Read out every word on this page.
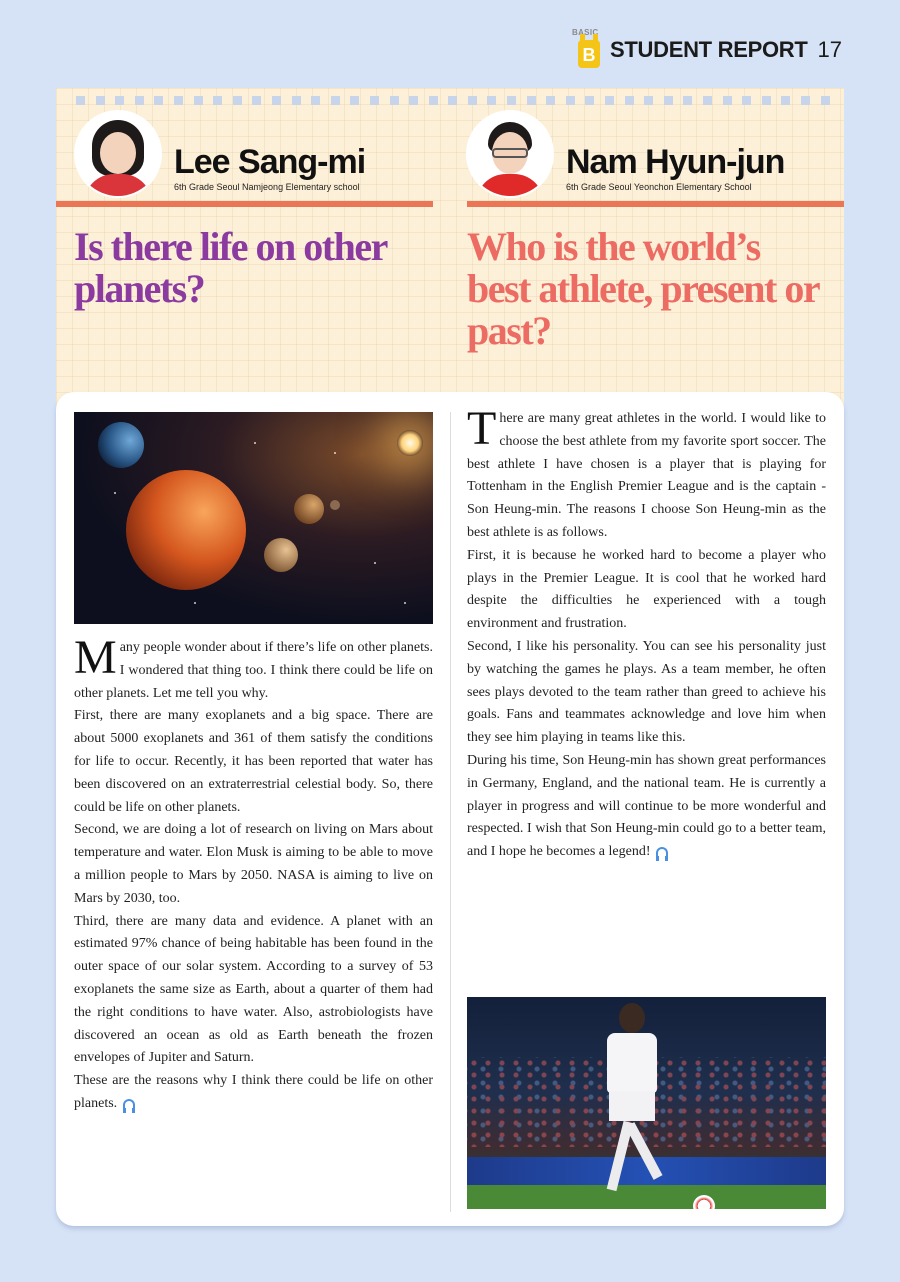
BASIC
B STUDENT REPORT 17
Lee Sang-mi
6th Grade Seoul Namjeong Elementary school
Nam Hyun-jun
6th Grade Seoul Yeonchon Elementary School
Is there life on other planets?
Who is the world’s best athlete, present or past?

Many people wonder about if there’s life on other planets. I wondered that thing too. I think there could be life on other planets. Let me tell you why.

First, there are many exoplanets and a big space. There are about 5000 exoplanets and 361 of them satisfy the conditions for life to occur. Recently, it has been reported that water has been discovered on an extraterrestrial celestial body. So, there could be life on other planets.

Second, we are doing a lot of research on living on Mars about temperature and water. Elon Musk is aiming to be able to move a million people to Mars by 2050. NASA is aiming to live on Mars by 2030, too.

Third, there are many data and evidence. A planet with an estimated 97% chance of being habitable has been found in the outer space of our solar system. According to a survey of 53 exoplanets the same size as Earth, about a quarter of them had the right conditions to have water. Also, astrobiologists have discovered an ocean as old as Earth beneath the frozen envelopes of Jupiter and Saturn.

These are the reasons why I think there could be life on other planets.

There are many great athletes in the world. I would like to choose the best athlete from my favorite sport soccer. The best athlete I have chosen is a player that is playing for Tottenham in the English Premier League and is the captain - Son Heung-min. The reasons I choose Son Heung-min as the best athlete is as follows.

First, it is because he worked hard to become a player who plays in the Premier League. It is cool that he worked hard despite the difficulties he experienced with a tough environment and frustration.

Second, I like his personality. You can see his personality just by watching the games he plays. As a team member, he often sees plays devoted to the team rather than greed to achieve his goals. Fans and teammates acknowledge and love him when they see him playing in teams like this.

During his time, Son Heung-min has shown great performances in Germany, England, and the national team. He is currently a player in progress and will continue to be more wonderful and respected. I wish that Son Heung-min could go to a better team, and I hope he becomes a legend!
